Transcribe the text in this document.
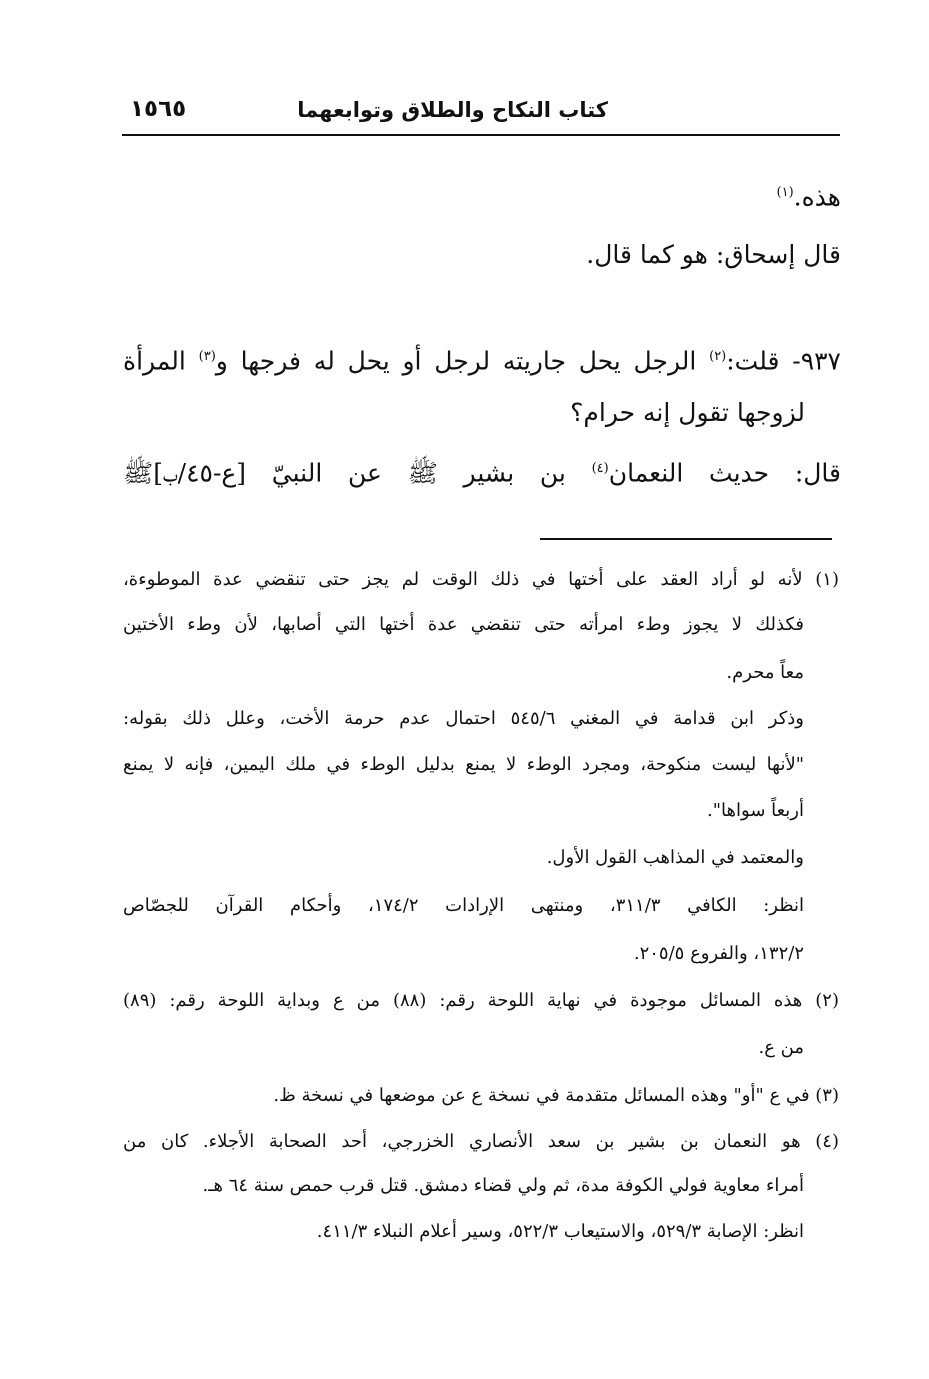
كتاب النكاح والطلاق وتوابعهما
١٥٦٥
هذه.$^{(١)}$
قال إسحاق: هو كما قال.
٩٣٧- قلت:$^{(٢)}$ الرجل يحل جاريته لرجل أو يحل له فرجها و$^{(٣)}$ المرأة
لزوجها تقول إنه حرام؟
قال: حديث النعمان$^{(٤)}$ بن بشير ﷺ عن النبيّ [ع-٤٥/ب]ﷺ
(١) لأنه لو أراد العقد على أختها في ذلك الوقت لم يجز حتى تنقضي عدة الموطوءة،
فكذلك لا يجوز وطء امرأته حتى تنقضي عدة أختها التي أصابها، لأن وطء الأختين
معاً محرم.
وذكر ابن قدامة في المغني ٥٤٥/٦ احتمال عدم حرمة الأخت، وعلل ذلك بقوله:
"لأنها ليست منكوحة، ومجرد الوطء لا يمنع بدليل الوطء في ملك اليمين، فإنه لا يمنع
أربعاً سواها".
والمعتمد في المذاهب القول الأول.
انظر: الكافي ٣١١/٣، ومنتهى الإرادات ١٧٤/٢، وأحكام القرآن للجصّاص
١٣٢/٢، والفروع ٢٠٥/٥.
(٢) هذه المسائل موجودة في نهاية اللوحة رقم: (٨٨) من ع وبداية اللوحة رقم: (٨٩)
من ع.
(٣) في ع "أو" وهذه المسائل متقدمة في نسخة ع عن موضعها في نسخة ظ.
(٤) هو النعمان بن بشير بن سعد الأنصاري الخزرجي، أحد الصحابة الأجلاء. كان من
أمراء معاوية فولي الكوفة مدة، ثم ولي قضاء دمشق. قتل قرب حمص سنة ٦٤ هـ.
انظر: الإصابة ٥٢٩/٣، والاستيعاب ٥٢٢/٣، وسير أعلام النبلاء ٤١١/٣.
